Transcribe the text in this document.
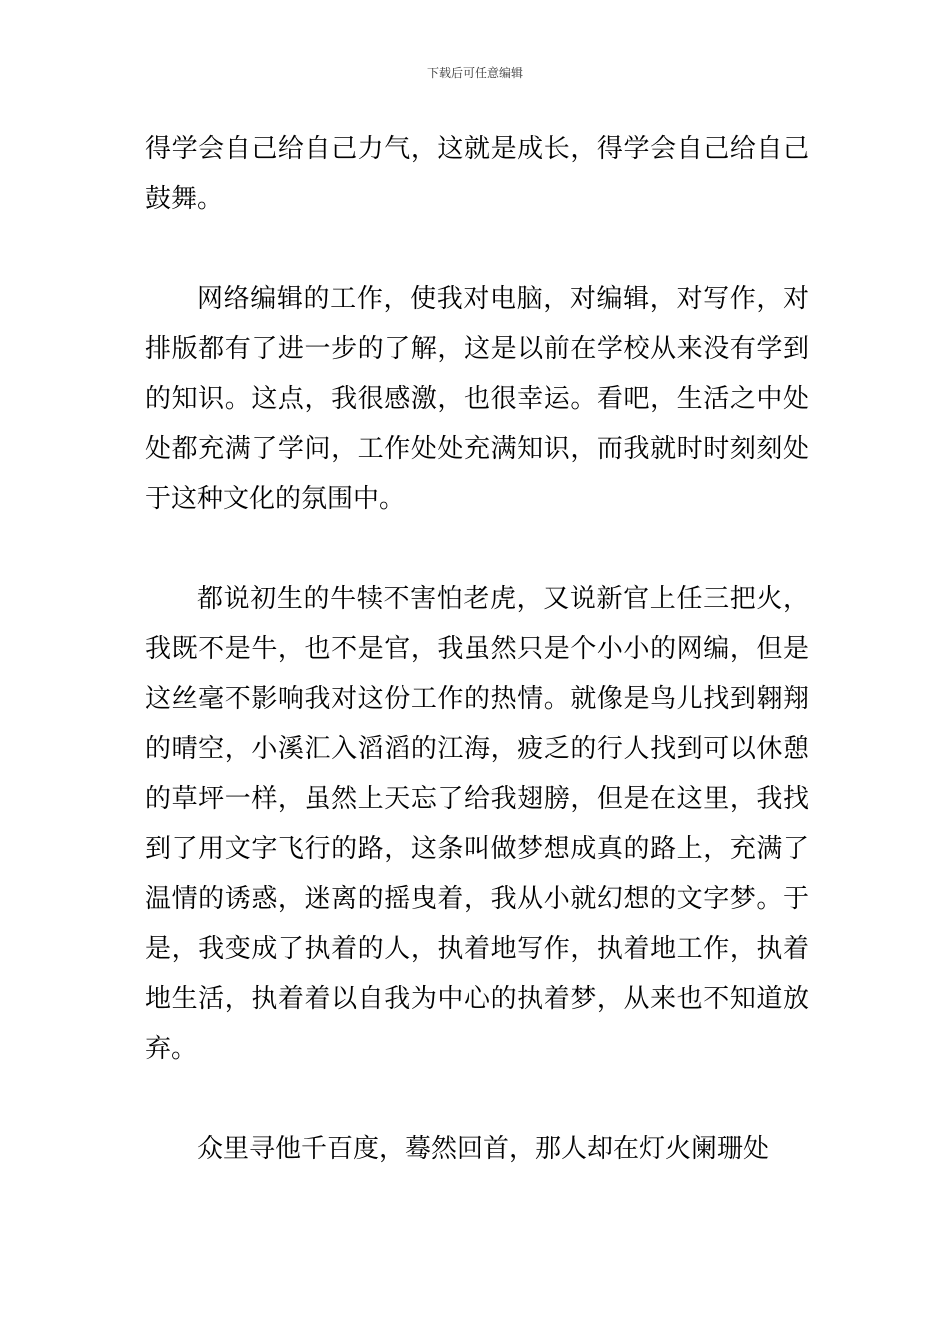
下载后可任意编辑

得学会自己给自己力气，这就是成长，得学会自己给自己鼓舞。

网络编辑的工作，使我对电脑，对编辑，对写作，对排版都有了进一步的了解，这是以前在学校从来没有学到的知识。这点，我很感激，也很幸运。看吧，生活之中处处都充满了学问，工作处处充满知识，而我就时时刻刻处于这种文化的氛围中。

都说初生的牛犊不害怕老虎，又说新官上任三把火，我既不是牛，也不是官，我虽然只是个小小的网编，但是这丝毫不影响我对这份工作的热情。就像是鸟儿找到翱翔的晴空，小溪汇入滔滔的江海，疲乏的行人找到可以休憩的草坪一样，虽然上天忘了给我翅膀，但是在这里，我找到了用文字飞行的路，这条叫做梦想成真的路上，充满了温情的诱惑，迷离的摇曳着，我从小就幻想的文字梦。于是，我变成了执着的人，执着地写作，执着地工作，执着地生活，执着着以自我为中心的执着梦，从来也不知道放弃。

众里寻他千百度，蓦然回首，那人却在灯火阑珊处
